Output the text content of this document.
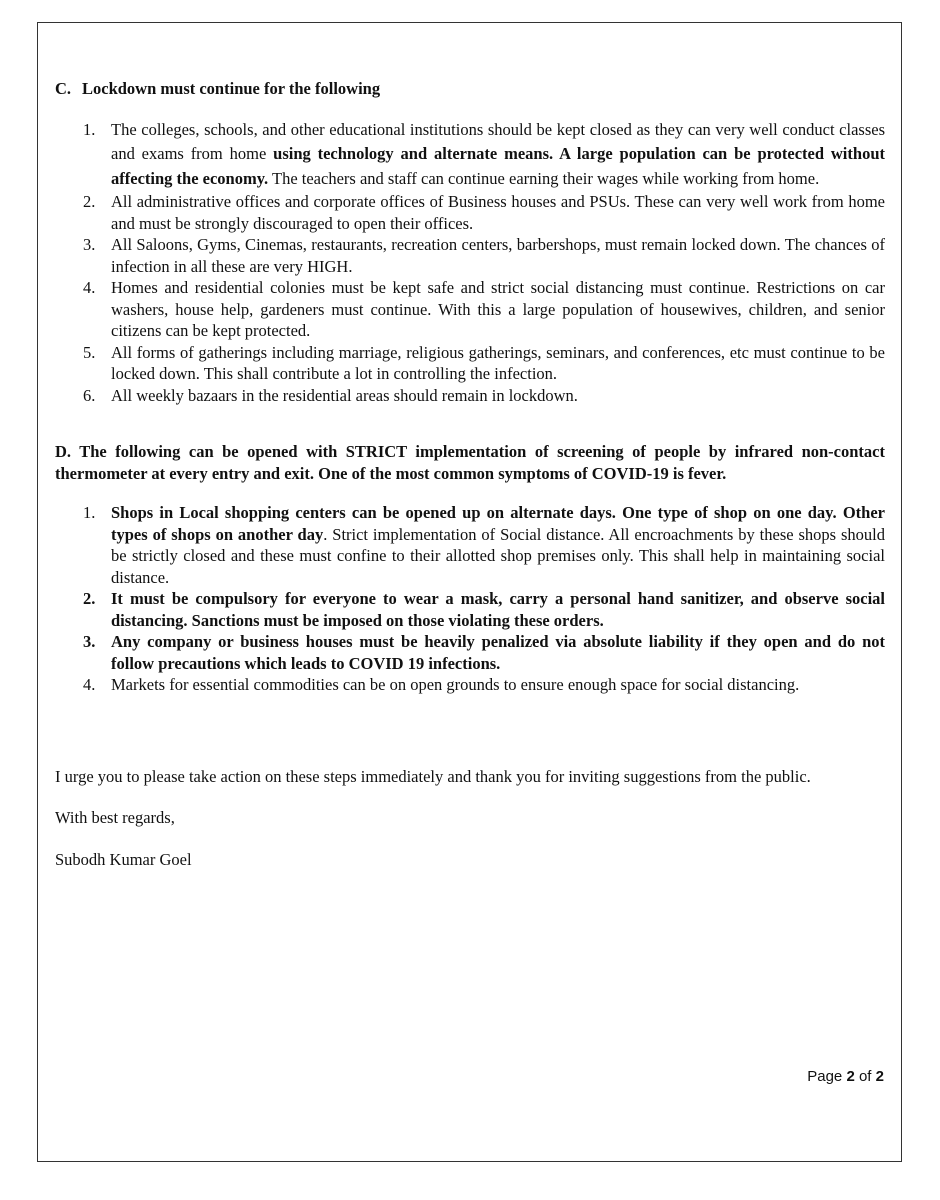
C. Lockdown must continue for the following

1. The colleges, schools, and other educational institutions should be kept closed as they can very well conduct classes and exams from home using technology and alternate means. A large population can be protected without affecting the economy. The teachers and staff can continue earning their wages while working from home.
2. All administrative offices and corporate offices of Business houses and PSUs. These can very well work from home and must be strongly discouraged to open their offices.
3. All Saloons, Gyms, Cinemas, restaurants, recreation centers, barbershops, must remain locked down. The chances of infection in all these are very HIGH.
4. Homes and residential colonies must be kept safe and strict social distancing must continue. Restrictions on car washers, house help, gardeners must continue. With this a large population of housewives, children, and senior citizens can be kept protected.
5. All forms of gatherings including marriage, religious gatherings, seminars, and conferences, etc must continue to be locked down. This shall contribute a lot in controlling the infection.
6. All weekly bazaars in the residential areas should remain in lockdown.

D. The following can be opened with STRICT implementation of screening of people by infrared non-contact thermometer at every entry and exit. One of the most common symptoms of COVID-19 is fever.

1. Shops in Local shopping centers can be opened up on alternate days. One type of shop on one day. Other types of shops on another day. Strict implementation of Social distance. All encroachments by these shops should be strictly closed and these must confine to their allotted shop premises only. This shall help in maintaining social distance.
2. It must be compulsory for everyone to wear a mask, carry a personal hand sanitizer, and observe social distancing. Sanctions must be imposed on those violating these orders.
3. Any company or business houses must be heavily penalized via absolute liability if they open and do not follow precautions which leads to COVID 19 infections.
4. Markets for essential commodities can be on open grounds to ensure enough space for social distancing.

I urge you to please take action on these steps immediately and thank you for inviting suggestions from the public.

With best regards,

Subodh Kumar Goel

Page 2 of 2
